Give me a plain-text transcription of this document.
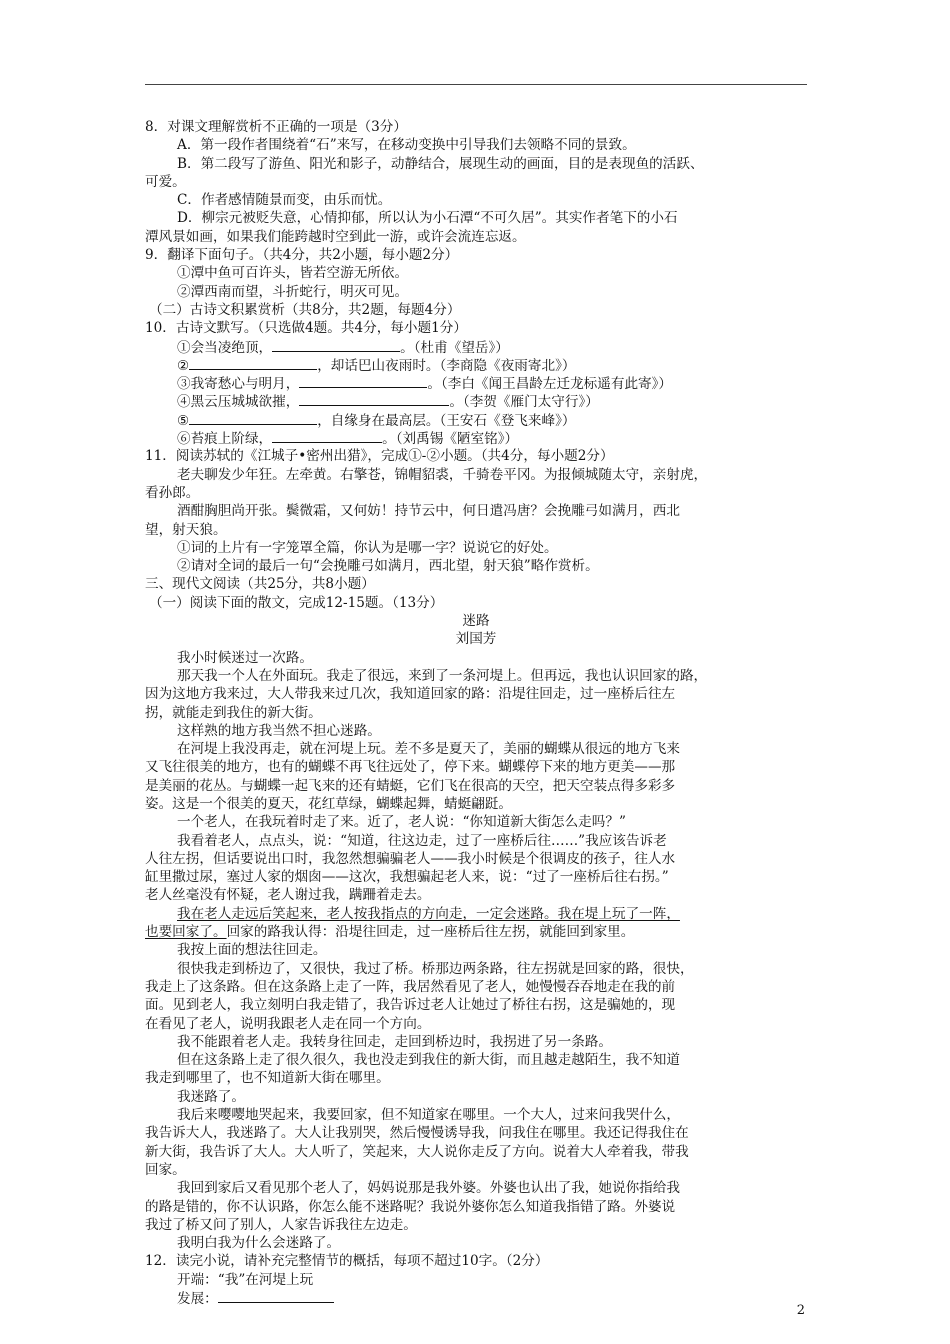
8．对课文理解赏析不正确的一项是（3分）
A．第一段作者围绕着“石”来写，在移动变换中引导我们去领略不同的景致。
B．第二段写了游鱼、阳光和影子，动静结合，展现生动的画面，目的是表现鱼的活跃、
可爱。
C．作者感情随景而变，由乐而忧。
D．柳宗元被贬失意，心情抑郁，所以认为小石潭“不可久居”。其实作者笔下的小石
潭风景如画，如果我们能跨越时空到此一游，或许会流连忘返。
9．翻译下面句子。（共4分，共2小题，每小题2分）
①潭中鱼可百许头，皆若空游无所依。
②潭西南而望，斗折蛇行，明灭可见。
（二）古诗文积累赏析（共8分，共2题，每题4分）
10．古诗文默写。（只选做4题。共4分，每小题1分）
①会当凌绝顶，	。（杜甫《望岳》）
②	，却话巴山夜雨时。（李商隐《夜雨寄北》）
③我寄愁心与明月，	。（李白《闻王昌龄左迁龙标遥有此寄》）
④黑云压城城欲摧，	。（李贺《雁门太守行》）
⑤	，自缘身在最高层。（王安石《登飞来峰》）
⑥苔痕上阶绿，	。（刘禹锡《陋室铭》）
11．阅读苏轼的《江城子•密州出猎》，完成①-②小题。（共4分，每小题2分）
老夫聊发少年狂。左牵黄。右擎苍，锦帽貂裘，千骑卷平冈。为报倾城随太守，亲射虎，
看孙郎。
酒酣胸胆尚开张。鬓微霜，又何妨！持节云中，何日遣冯唐？会挽雕弓如满月，西北
望，射天狼。
①词的上片有一字笼罩全篇，你认为是哪一字？说说它的好处。
②请对全词的最后一句“会挽雕弓如满月，西北望，射天狼”略作赏析。
三、现代文阅读（共25分，共8小题）
（一）阅读下面的散文，完成12-15题。（13分）
迷路
刘国芳
我小时候迷过一次路。
那天我一个人在外面玩。我走了很远，来到了一条河堤上。但再远，我也认识回家的路，
因为这地方我来过，大人带我来过几次，我知道回家的路：沿堤往回走，过一座桥后往左
拐，就能走到我住的新大街。
这样熟的地方我当然不担心迷路。
在河堤上我没再走，就在河堤上玩。差不多是夏天了，美丽的蝴蝶从很远的地方飞来
又飞往很美的地方，也有的蝴蝶不再飞往远处了，停下来。蝴蝶停下来的地方更美——那
是美丽的花丛。与蝴蝶一起飞来的还有蜻蜓，它们飞在很高的天空，把天空装点得多彩多
姿。这是一个很美的夏天，花红草绿，蝴蝶起舞，蜻蜓翩跹。
一个老人，在我玩着时走了来。近了，老人说：“你知道新大街怎么走吗？”
我看着老人，点点头，说：“知道，往这边走，过了一座桥后往……”我应该告诉老
人往左拐，但话要说出口时，我忽然想骗骗老人——我小时候是个很调皮的孩子，往人水
缸里撒过尿，塞过人家的烟囱——这次，我想骗起老人来，说：“过了一座桥后往右拐。”
老人丝毫没有怀疑，老人谢过我，蹒跚着走去。
我在老人走远后笑起来，老人按我指点的方向走，一定会迷路。我在堤上玩了一阵，
也要回家了。回家的路我认得：沿堤往回走，过一座桥后往左拐，就能回到家里。
我按上面的想法往回走。
很快我走到桥边了，又很快，我过了桥。桥那边两条路，往左拐就是回家的路，很快，
我走上了这条路。但在这条路上走了一阵，我居然看见了老人，她慢慢吞吞地走在我的前
面。见到老人，我立刻明白我走错了，我告诉过老人让她过了桥往右拐，这是骗她的，现
在看见了老人，说明我跟老人走在同一个方向。
我不能跟着老人走。我转身往回走，走回到桥边时，我拐进了另一条路。
但在这条路上走了很久很久，我也没走到我住的新大街，而且越走越陌生，我不知道
我走到哪里了，也不知道新大街在哪里。
我迷路了。
我后来嘤嘤地哭起来，我要回家，但不知道家在哪里。一个大人，过来问我哭什么，
我告诉大人，我迷路了。大人让我别哭，然后慢慢诱导我，问我住在哪里。我还记得我住在
新大街，我告诉了大人。大人听了，笑起来，大人说你走反了方向。说着大人牵着我，带我
回家。
我回到家后又看见那个老人了，妈妈说那是我外婆。外婆也认出了我，她说你指给我
的路是错的，你不认识路，你怎么能不迷路呢？我说外婆你怎么知道我指错了路。外婆说
我过了桥又问了别人，人家告诉我往左边走。
我明白我为什么会迷路了。
12．读完小说，请补充完整情节的概括，每项不超过10字。（2分）
开端：“我”在河堤上玩
发展：
2
